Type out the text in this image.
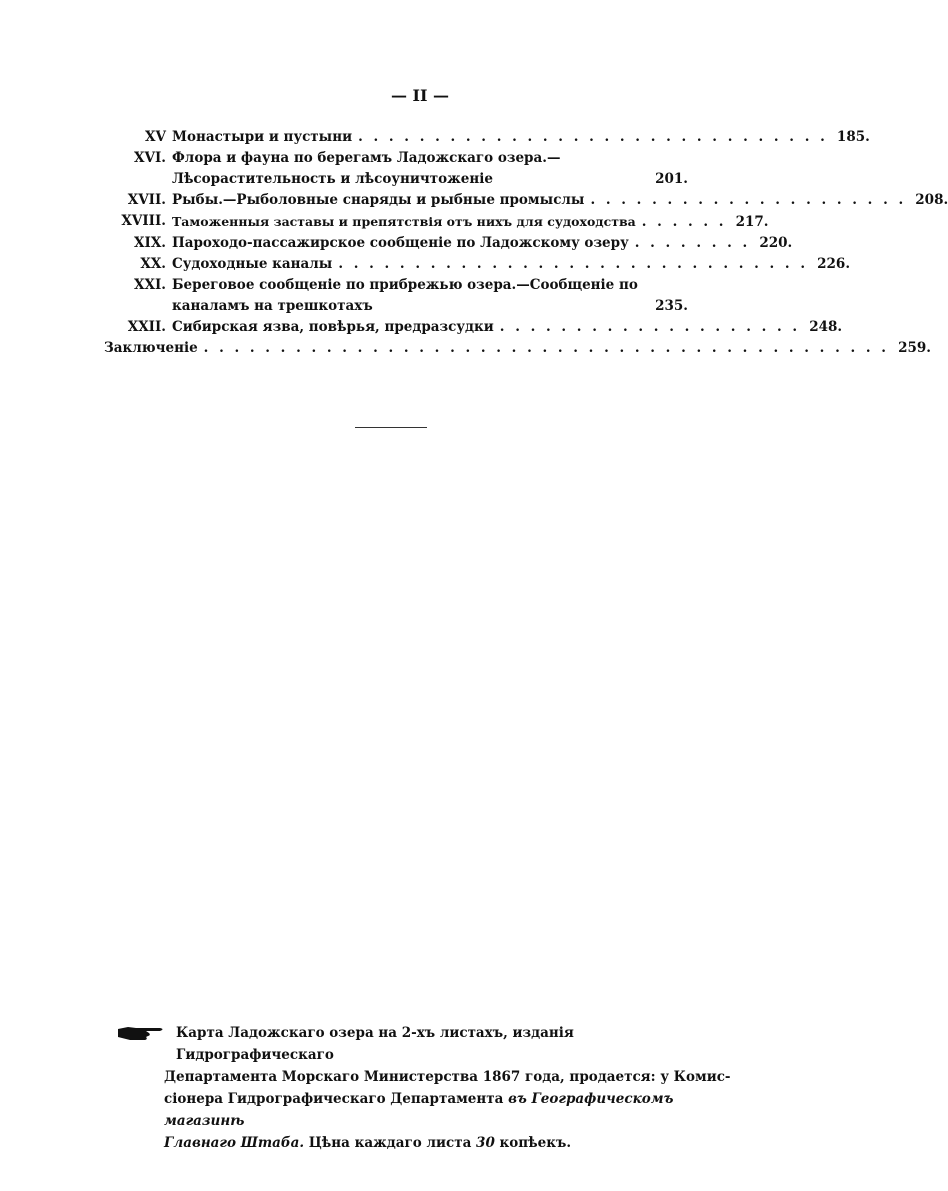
— II —
XV Монастыри и пустыни . . . . . . . . . . . . . . . . . . . . . . . . . . . . . . . 185.
XVI. Флора и фауна по берегамъ Ладожскаго озера.—Лѣсорастительность и лѣсоуничтоженіе	201.
XVII. Рыбы.—Рыболовные снаряды и рыбные промыслы . . . . . . . . . . . . . . . . . . . . . 208.
XVIII. Таможенныя заставы и препятствія отъ нихъ для судоходства . . . . . . 217.
XIX. Пароходо-пассажирское сообщеніе по Ладожскому озеру . . . . . . . . 220.
XX. Судоходные каналы . . . . . . . . . . . . . . . . . . . . . . . . . . . . . . . 226.
XXI. Береговое сообщеніе по прибрежью озера.—Сообщеніе по каналамъ на трешкотахъ	235.
XXII. Сибирская язва, повѣрья, предразсудки . . . . . . . . . . . . . . . . . . . . 248.
Заключеніе . . . . . . . . . . . . . . . . . . . . . . . . . . . . . . . . . . . . . . . . . . . . . 259.
Карта Ладожскаго озера на 2-хъ листахъ, изданія Гидрографическаго
Департамента Морскаго Министерства 1867 года, продается: у Комис-
сіонера Гидрографическаго Департамента въ Географическомъ магазинѣ
Главнаго Штаба. Цѣна каждаго листа 30 копѣекъ.
